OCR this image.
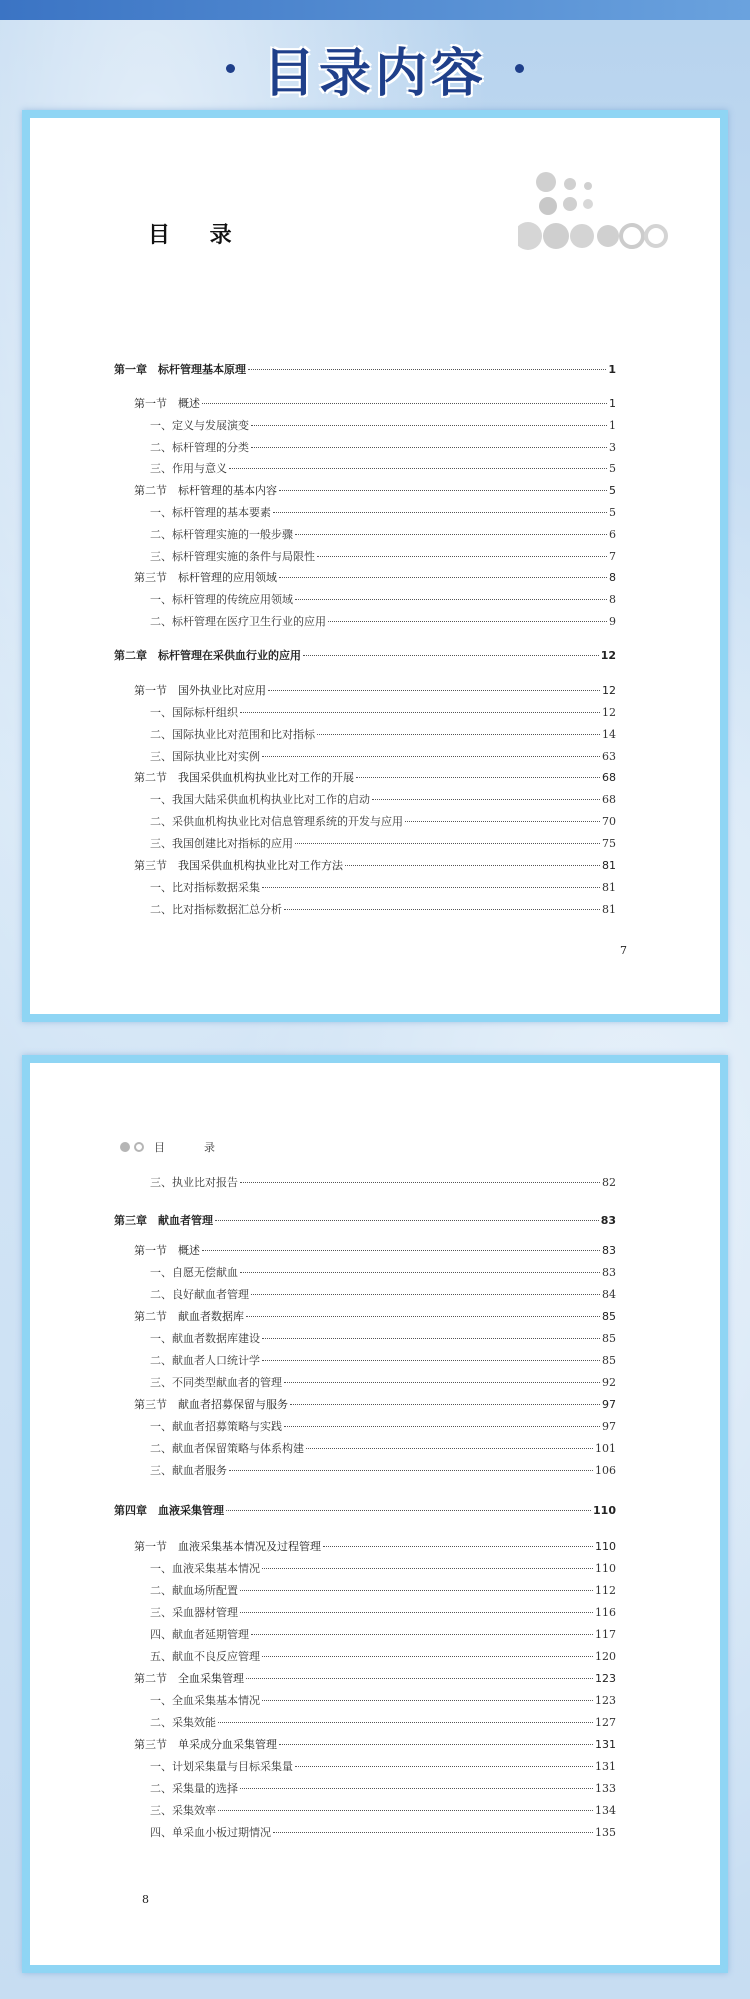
目录内容
目 录
第一章　标杆管理基本原理	1
第一节　概述	1
一、定义与发展演变	1
二、标杆管理的分类	3
三、作用与意义	5
第二节　标杆管理的基本内容	5
一、标杆管理的基本要素	5
二、标杆管理实施的一般步骤	6
三、标杆管理实施的条件与局限性	7
第三节　标杆管理的应用领域	8
一、标杆管理的传统应用领域	8
二、标杆管理在医疗卫生行业的应用	9
第二章　标杆管理在采供血行业的应用	12
第一节　国外执业比对应用	12
一、国际标杆组织	12
二、国际执业比对范围和比对指标	14
三、国际执业比对实例	63
第二节　我国采供血机构执业比对工作的开展	68
一、我国大陆采供血机构执业比对工作的启动	68
二、采供血机构执业比对信息管理系统的开发与应用	70
三、我国创建比对指标的应用	75
第三节　我国采供血机构执业比对工作方法	81
一、比对指标数据采集	81
二、比对指标数据汇总分析	81
7
目　录
三、执业比对报告	82
第三章　献血者管理	83
第一节　概述	83
一、自愿无偿献血	83
二、良好献血者管理	84
第二节　献血者数据库	85
一、献血者数据库建设	85
二、献血者人口统计学	85
三、不同类型献血者的管理	92
第三节　献血者招募保留与服务	97
一、献血者招募策略与实践	97
二、献血者保留策略与体系构建	101
三、献血者服务	106
第四章　血液采集管理	110
第一节　血液采集基本情况及过程管理	110
一、血液采集基本情况	110
二、献血场所配置	112
三、采血器材管理	116
四、献血者延期管理	117
五、献血不良反应管理	120
第二节　全血采集管理	123
一、全血采集基本情况	123
二、采集效能	127
第三节　单采成分血采集管理	131
一、计划采集量与目标采集量	131
二、采集量的选择	133
三、采集效率	134
四、单采血小板过期情况	135
8
